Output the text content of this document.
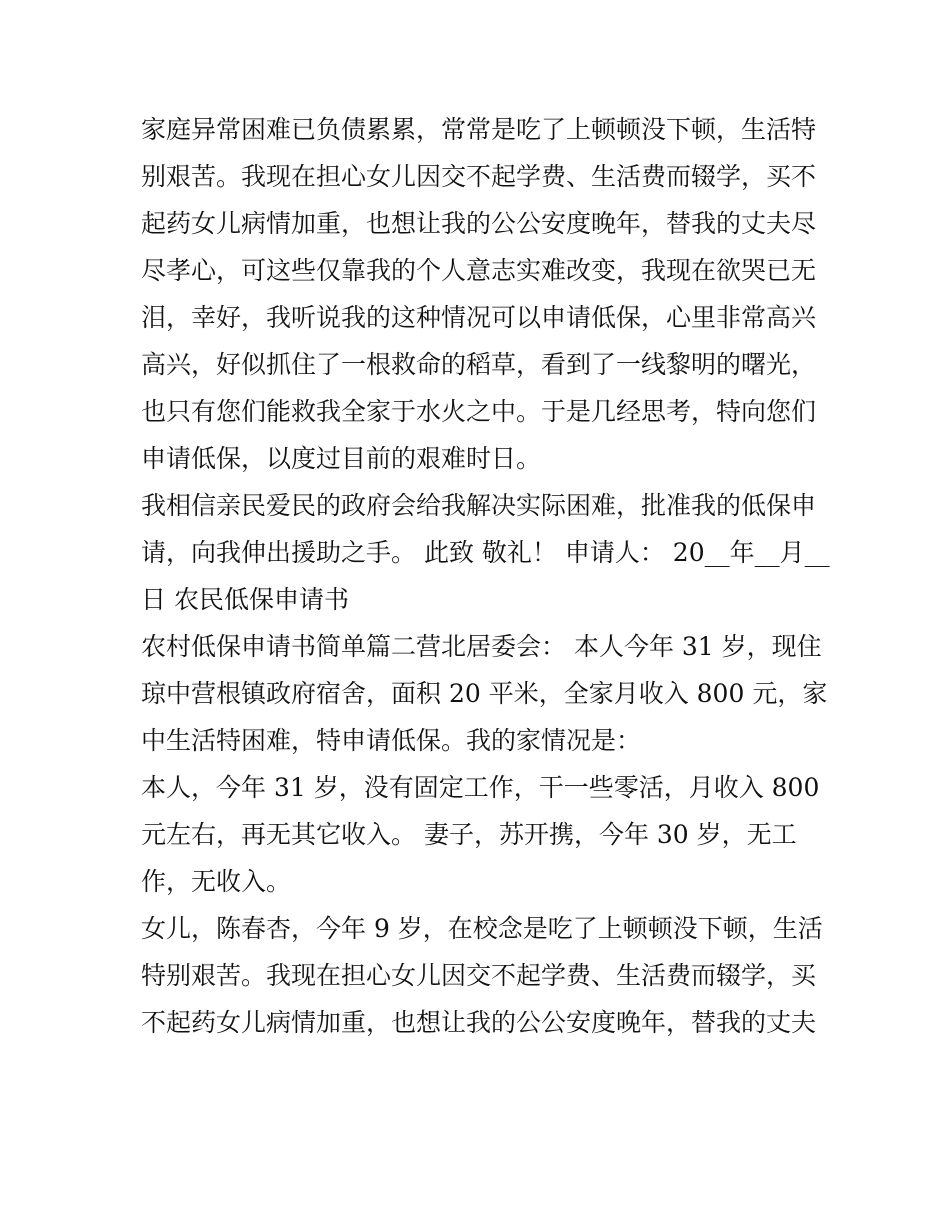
家庭异常困难已负债累累，常常是吃了上顿顿没下顿，生活特
别艰苦。我现在担心女儿因交不起学费、生活费而辍学，买不
起药女儿病情加重，也想让我的公公安度晚年，替我的丈夫尽
尽孝心，可这些仅靠我的个人意志实难改变，我现在欲哭已无
泪，幸好，我听说我的这种情况可以申请低保，心里非常高兴
高兴，好似抓住了一根救命的稻草，看到了一线黎明的曙光，
也只有您们能救我全家于水火之中。于是几经思考，特向您们
申请低保，以度过目前的艰难时日。
我相信亲民爱民的政府会给我解决实际困难，批准我的低保申
请，向我伸出援助之手。 此致 敬礼！ 申请人： 20__年__月__
日 农民低保申请书
农村低保申请书简单篇二营北居委会： 本人今年 31 岁，现住
琼中营根镇政府宿舍，面积 20 平米，全家月收入 800 元，家
中生活特困难，特申请低保。我的家情况是：
本人，今年 31 岁，没有固定工作，干一些零活，月收入 800
元左右，再无其它收入。 妻子，苏开携，今年 30 岁，无工
作，无收入。
女儿，陈春杏，今年 9 岁，在校念是吃了上顿顿没下顿，生活
特别艰苦。我现在担心女儿因交不起学费、生活费而辍学，买
不起药女儿病情加重，也想让我的公公安度晚年，替我的丈夫
